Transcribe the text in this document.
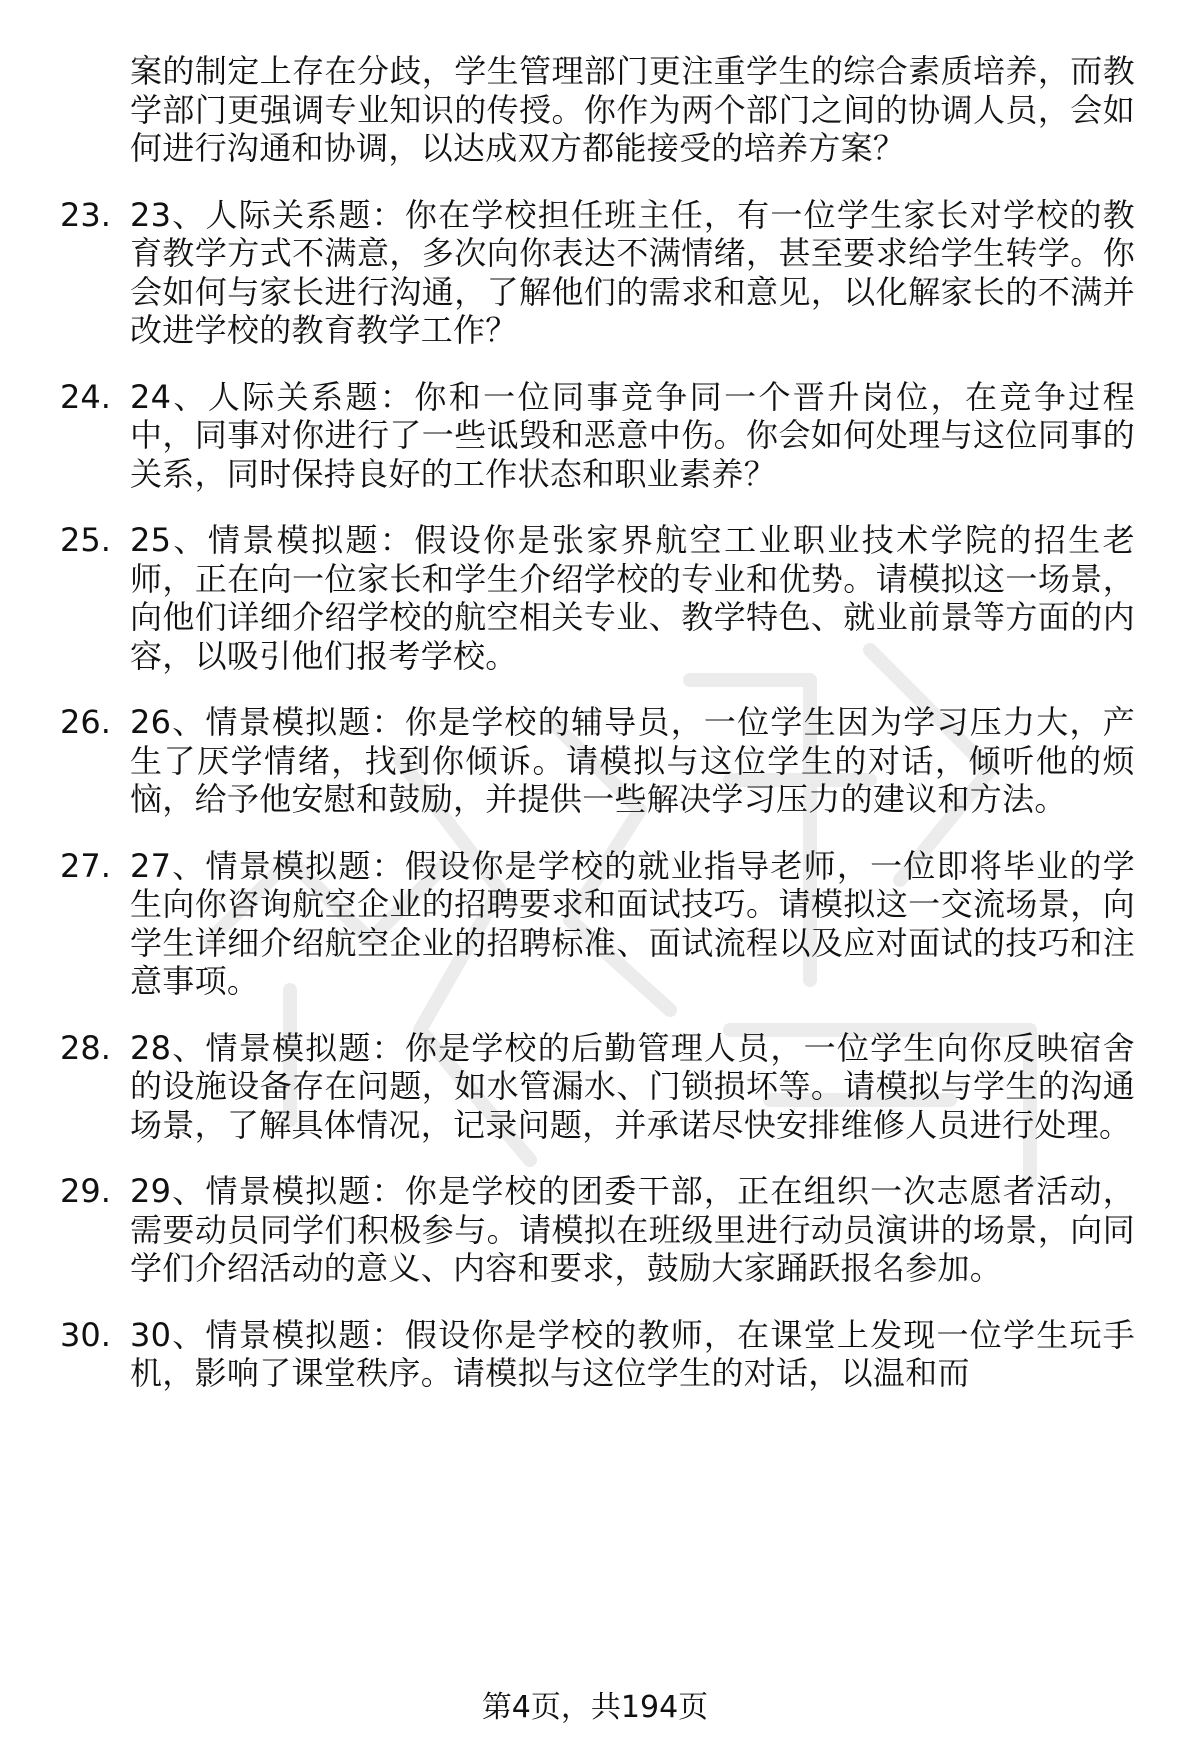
案的制定上存在分歧，学生管理部门更注重学生的综合素质培养，而教学部门更强调专业知识的传授。你作为两个部门之间的协调人员，会如何进行沟通和协调，以达成双方都能接受的培养方案？
23. 23、人际关系题：你在学校担任班主任，有一位学生家长对学校的教育教学方式不满意，多次向你表达不满情绪，甚至要求给学生转学。你会如何与家长进行沟通，了解他们的需求和意见，以化解家长的不满并改进学校的教育教学工作？
24. 24、人际关系题：你和一位同事竞争同一个晋升岗位，在竞争过程中，同事对你进行了一些诋毁和恶意中伤。你会如何处理与这位同事的关系，同时保持良好的工作状态和职业素养？
25. 25、情景模拟题：假设你是张家界航空工业职业技术学院的招生老师，正在向一位家长和学生介绍学校的专业和优势。请模拟这一场景，向他们详细介绍学校的航空相关专业、教学特色、就业前景等方面的内容，以吸引他们报考学校。
26. 26、情景模拟题：你是学校的辅导员，一位学生因为学习压力大，产生了厌学情绪，找到你倾诉。请模拟与这位学生的对话，倾听他的烦恼，给予他安慰和鼓励，并提供一些解决学习压力的建议和方法。
27. 27、情景模拟题：假设你是学校的就业指导老师，一位即将毕业的学生向你咨询航空企业的招聘要求和面试技巧。请模拟这一交流场景，向学生详细介绍航空企业的招聘标准、面试流程以及应对面试的技巧和注意事项。
28. 28、情景模拟题：你是学校的后勤管理人员，一位学生向你反映宿舍的设施设备存在问题，如水管漏水、门锁损坏等。请模拟与学生的沟通场景，了解具体情况，记录问题，并承诺尽快安排维修人员进行处理。
29. 29、情景模拟题：你是学校的团委干部，正在组织一次志愿者活动，需要动员同学们积极参与。请模拟在班级里进行动员演讲的场景，向同学们介绍活动的意义、内容和要求，鼓励大家踊跃报名参加。
30. 30、情景模拟题：假设你是学校的教师，在课堂上发现一位学生玩手机，影响了课堂秩序。请模拟与这位学生的对话，以温和而
第4页，共194页
